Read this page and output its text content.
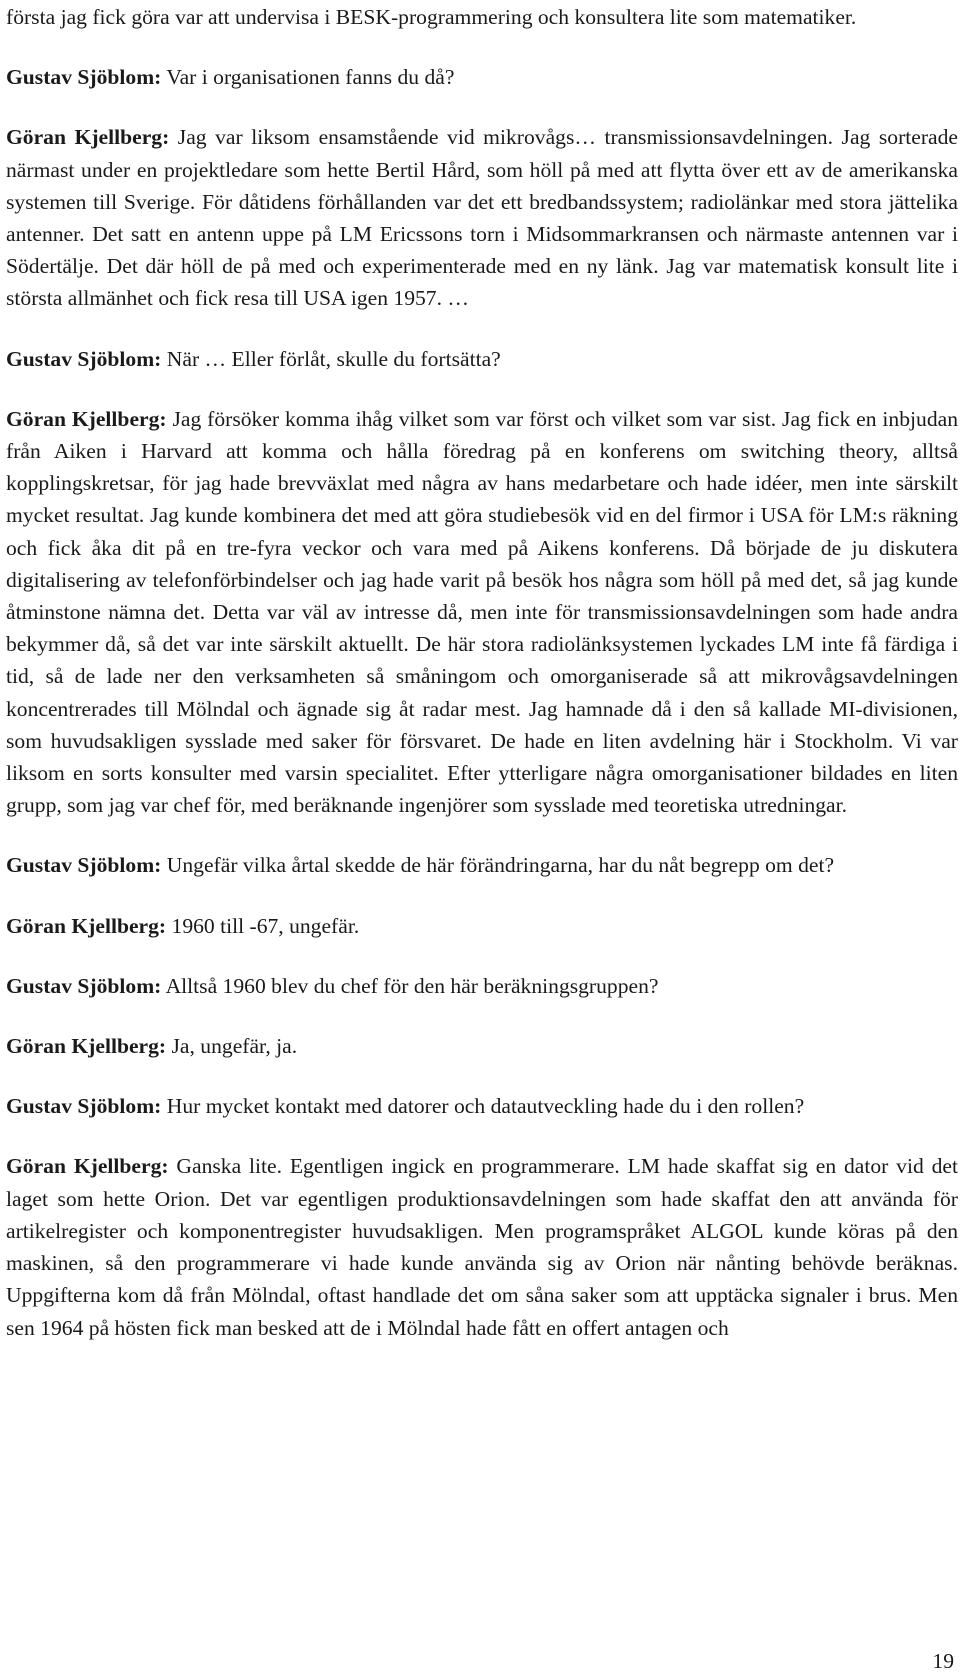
första jag fick göra var att undervisa i BESK-programmering och konsultera lite som matematiker.

Gustav Sjöblom: Var i organisationen fanns du då?

Göran Kjellberg: Jag var liksom ensamstående vid mikrovågs… transmissionsavdelningen. Jag sorterade närmast under en projektledare som hette Bertil Hård, som höll på med att flytta över ett av de amerikanska systemen till Sverige. För dåtidens förhållanden var det ett bredbandssystem; radiolänkar med stora jättelika antenner. Det satt en antenn uppe på LM Ericssons torn i Midsommarkransen och närmaste antennen var i Södertälje. Det där höll de på med och experimenterade med en ny länk. Jag var matematisk konsult lite i största allmänhet och fick resa till USA igen 1957. …

Gustav Sjöblom: När … Eller förlåt, skulle du fortsätta?

Göran Kjellberg: Jag försöker komma ihåg vilket som var först och vilket som var sist. Jag fick en inbjudan från Aiken i Harvard att komma och hålla föredrag på en konferens om switching theory, alltså kopplingskretsar, för jag hade brevväxlat med några av hans medarbetare och hade idéer, men inte särskilt mycket resultat. Jag kunde kombinera det med att göra studiebesök vid en del firmor i USA för LM:s räkning och fick åka dit på en tre-fyra veckor och vara med på Aikens konferens. Då började de ju diskutera digitalisering av telefonförbindelser och jag hade varit på besök hos några som höll på med det, så jag kunde åtminstone nämna det. Detta var väl av intresse då, men inte för transmissionsavdelningen som hade andra bekymmer då, så det var inte särskilt aktuellt. De här stora radiolänksystemen lyckades LM inte få färdiga i tid, så de lade ner den verksamheten så småningom och omorganiserade så att mikrovågsavdelningen koncentrerades till Mölndal och ägnade sig åt radar mest. Jag hamnade då i den så kallade MI-divisionen, som huvudsakligen sysslade med saker för försvaret. De hade en liten avdelning här i Stockholm. Vi var liksom en sorts konsulter med varsin specialitet. Efter ytterligare några omorganisationer bildades en liten grupp, som jag var chef för, med beräknande ingenjörer som sysslade med teoretiska utredningar.

Gustav Sjöblom: Ungefär vilka årtal skedde de här förändringarna, har du nåt begrepp om det?

Göran Kjellberg: 1960 till -67, ungefär.

Gustav Sjöblom: Alltså 1960 blev du chef för den här beräkningsgruppen?

Göran Kjellberg: Ja, ungefär, ja.

Gustav Sjöblom: Hur mycket kontakt med datorer och datautveckling hade du i den rollen?

Göran Kjellberg: Ganska lite. Egentligen ingick en programmerare. LM hade skaffat sig en dator vid det laget som hette Orion. Det var egentligen produktionsavdelningen som hade skaffat den att använda för artikelregister och komponentregister huvudsakligen. Men programspråket ALGOL kunde köras på den maskinen, så den programmerare vi hade kunde använda sig av Orion när nånting behövde beräknas. Uppgifterna kom då från Mölndal, oftast handlade det om såna saker som att upptäcka signaler i brus. Men sen 1964 på hösten fick man besked att de i Mölndal hade fått en offert antagen och

19
